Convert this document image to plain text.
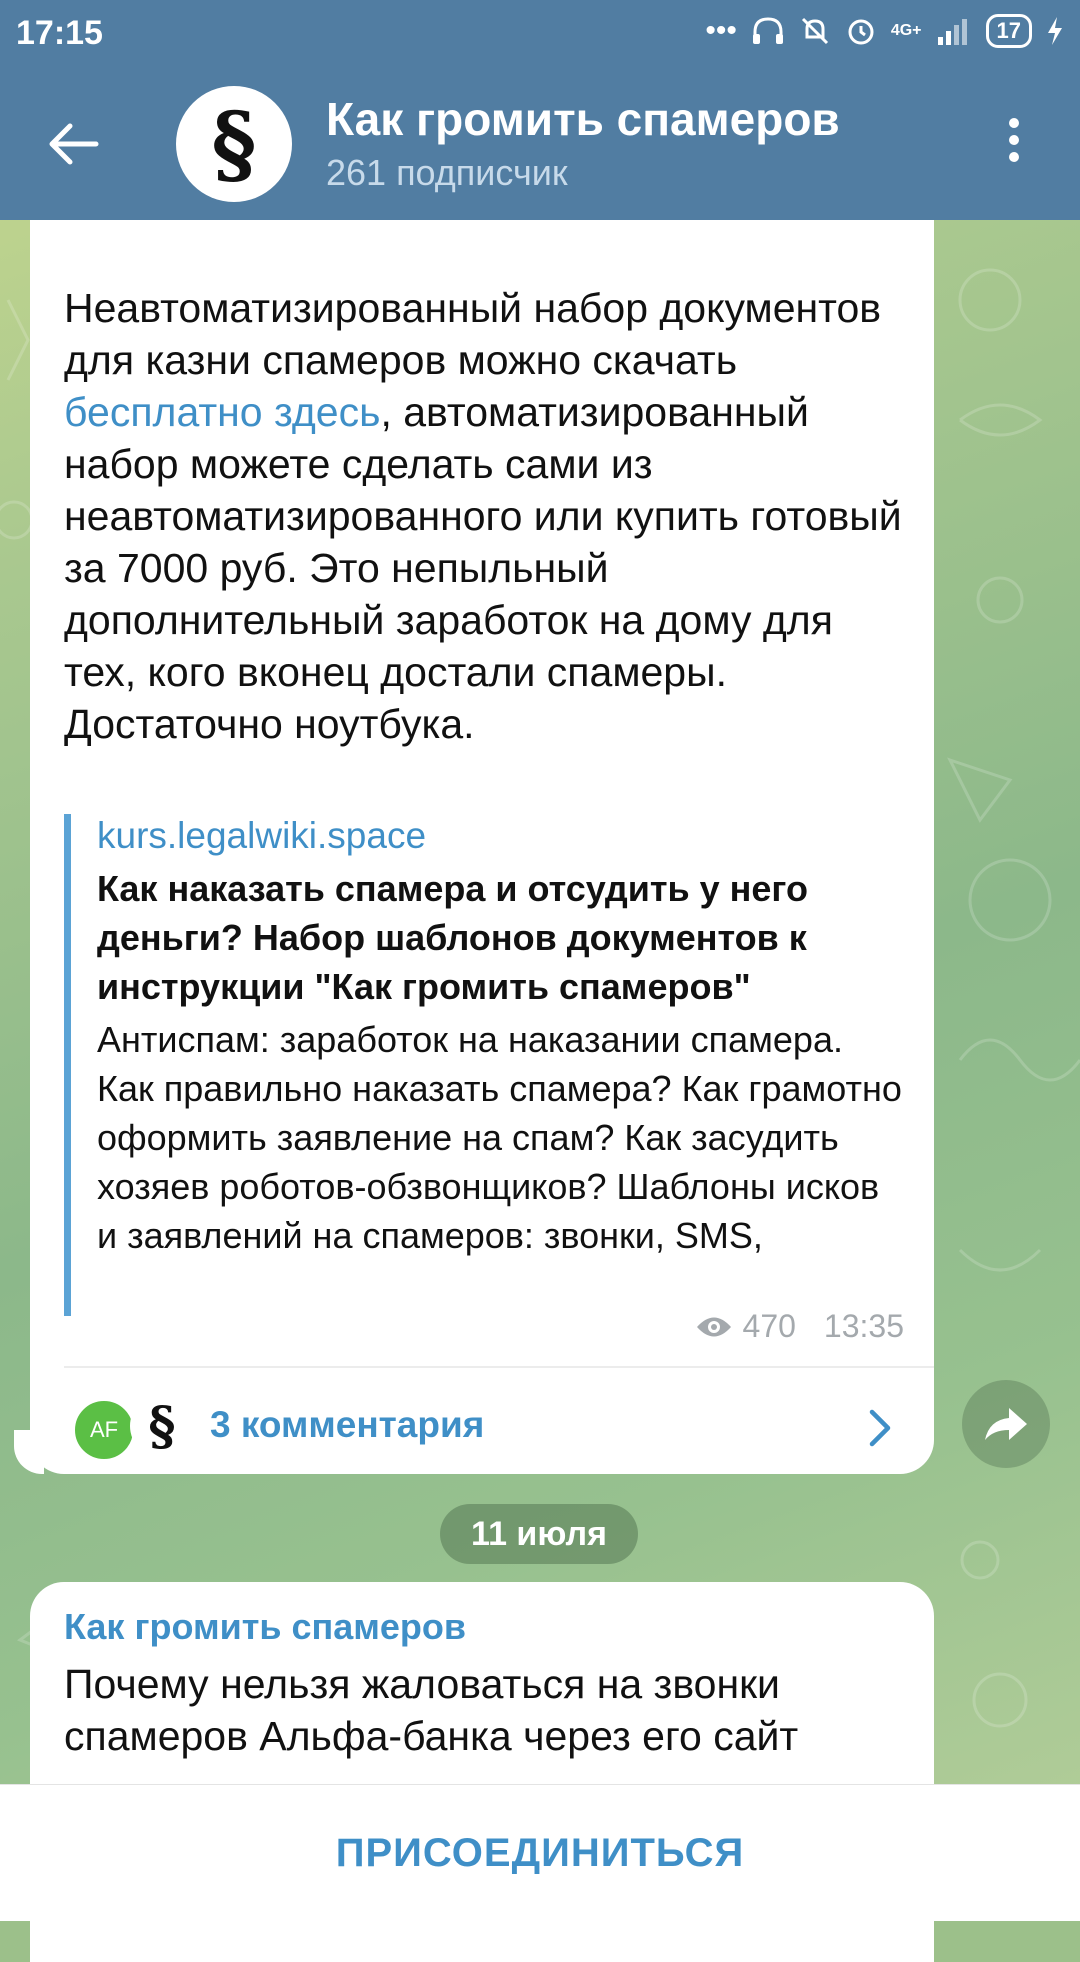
Неавтоматизированный набор документов для казни спамеров можно скачать бесплатно здесь, автоматизированный набор можете сделать сами из неавтоматизированного или купить готовый за 7000 руб. Это непыльный дополнительный заработок на дому для тех, кого вконец достали спамеры. Достаточно ноутбука.
kurs.legalwiki.space
Как наказать спамера и отсудить у него деньги? Набор шаблонов документов к инструкции "Как громить спамеров"
Антиспам: заработок на наказании спамера. Как правильно наказать спамера? Как грамотно оформить заявление на спам? Как засудить хозяев роботов-обзвонщиков? Шаблоны исков и заявлений на спамеров: звонки, SMS,
470 13:35
AF § 3 комментария
11 июля
Как громить спамеров
Почему нельзя жаловаться на звонки спамеров Альфа-банка через его сайт
17:15	•••	4G+	17
§	Как громить спамеров
261 подписчик
ПРИСОЕДИНИТЬСЯ
